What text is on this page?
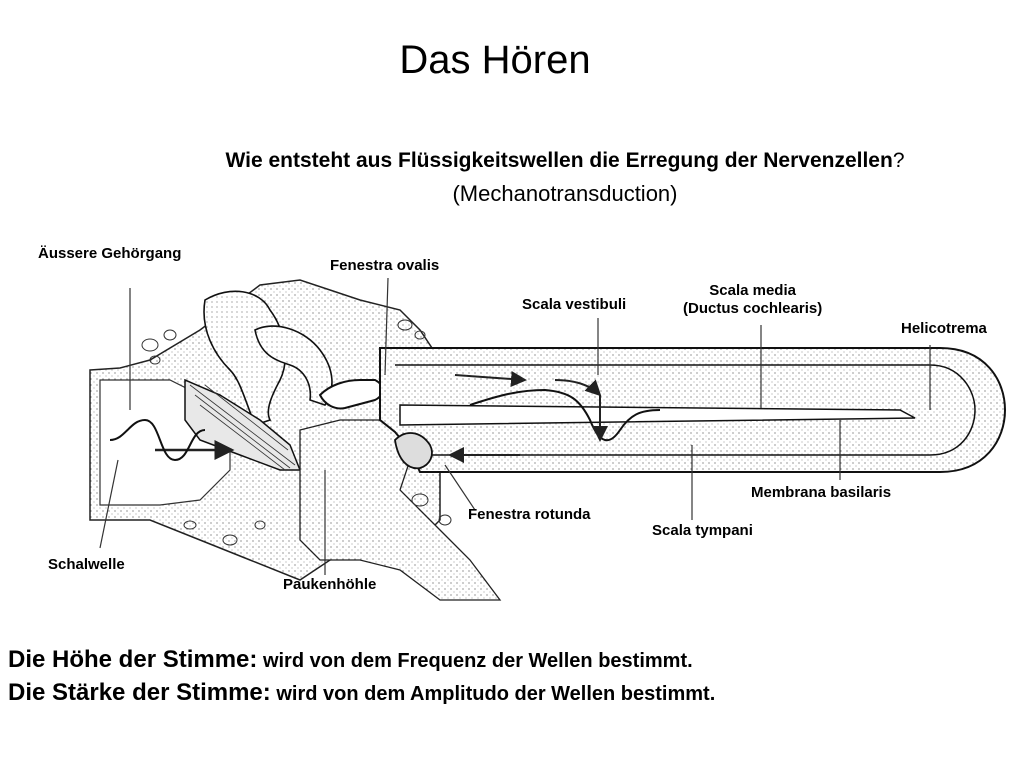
Das Hören
Wie entsteht aus Flüssigkeitswellen die Erregung der Nervenzellen?
(Mechanotransduction)
Äussere Gehörgang
Fenestra ovalis
Scala vestibuli
Scala media
(Ductus cochlearis)
Helicotrema
Membrana basilaris
Fenestra rotunda
Scala tympani
Schalwelle
Paukenhöhle
Die Höhe der Stimme: wird von dem Frequenz der Wellen bestimmt.
Die Stärke der Stimme: wird von dem Amplitudo der Wellen bestimmt.
